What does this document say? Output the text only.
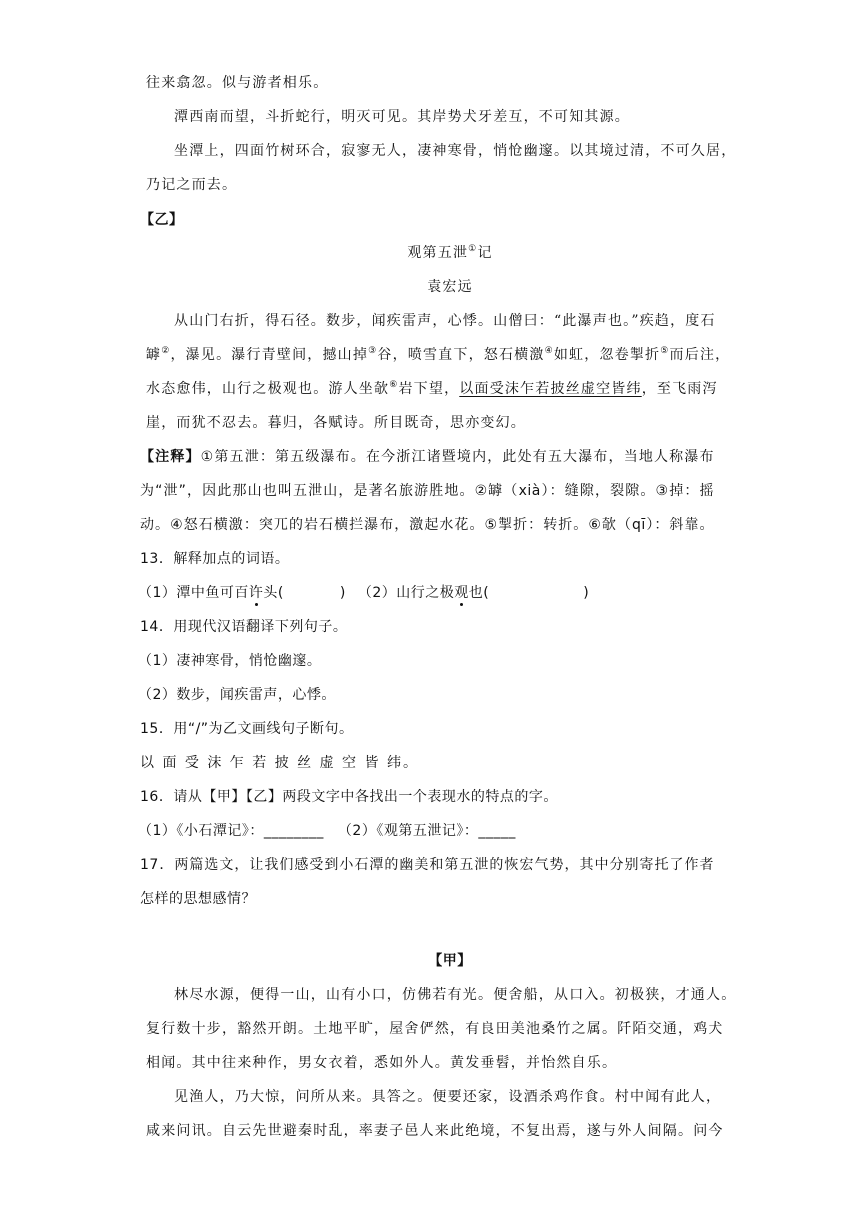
往来翕忽。似与游者相乐。
潭西南而望，斗折蛇行，明灭可见。其岸势犬牙差互，不可知其源。
坐潭上，四面竹树环合，寂寥无人，凄神寒骨，悄怆幽邃。以其境过清，不可久居，
乃记之而去。
【乙】
观第五泄①记
袁宏远
从山门右折，得石径。数步，闻疾雷声，心悸。山僧曰：“此瀑声也。”疾趋，度石
罅②，瀑见。瀑行青壁间，撼山掉③谷，喷雪直下，怒石横激④如虹，忽卷掣折⑤而后注，
水态愈伟，山行之极观也。游人坐欹⑥岩下望，以面受沫乍若披丝虚空皆纬，至飞雨泻
崖，而犹不忍去。暮归，各赋诗。所目既奇，思亦变幻。
【注释】①第五泄：第五级瀑布。在今浙江诸暨境内，此处有五大瀑布，当地人称瀑布
为“泄”，因此那山也叫五泄山，是著名旅游胜地。②罅（xià）：缝隙，裂隙。③掉：摇
动。④怒石横激：突兀的岩石横拦瀑布，激起水花。⑤掣折：转折。⑥欹（qī）：斜靠。
13．解释加点的词语。
（1）潭中鱼可百许头(	) （2）山行之极观也(	)
14．用现代汉语翻译下列句子。
（1）凄神寒骨，悄怆幽邃。
（2）数步，闻疾雷声，心悸。
15．用“/”为乙文画线句子断句。
以 面 受 沫 乍 若 披 丝 虚 空 皆 纬。
16．请从【甲】【乙】两段文字中各找出一个表现水的特点的字。
（1）《小石潭记》：________ （2）《观第五泄记》：_____
17．两篇选文，让我们感受到小石潭的幽美和第五泄的恢宏气势，其中分别寄托了作者
怎样的思想感情？
【甲】
林尽水源，便得一山，山有小口，仿佛若有光。便舍船，从口入。初极狭，才通人。
复行数十步，豁然开朗。土地平旷，屋舍俨然，有良田美池桑竹之属。阡陌交通，鸡犬
相闻。其中往来种作，男女衣着，悉如外人。黄发垂髫，并怡然自乐。
见渔人，乃大惊，问所从来。具答之。便要还家，设酒杀鸡作食。村中闻有此人，
咸来问讯。自云先世避秦时乱，率妻子邑人来此绝境，不复出焉，遂与外人间隔。问今
